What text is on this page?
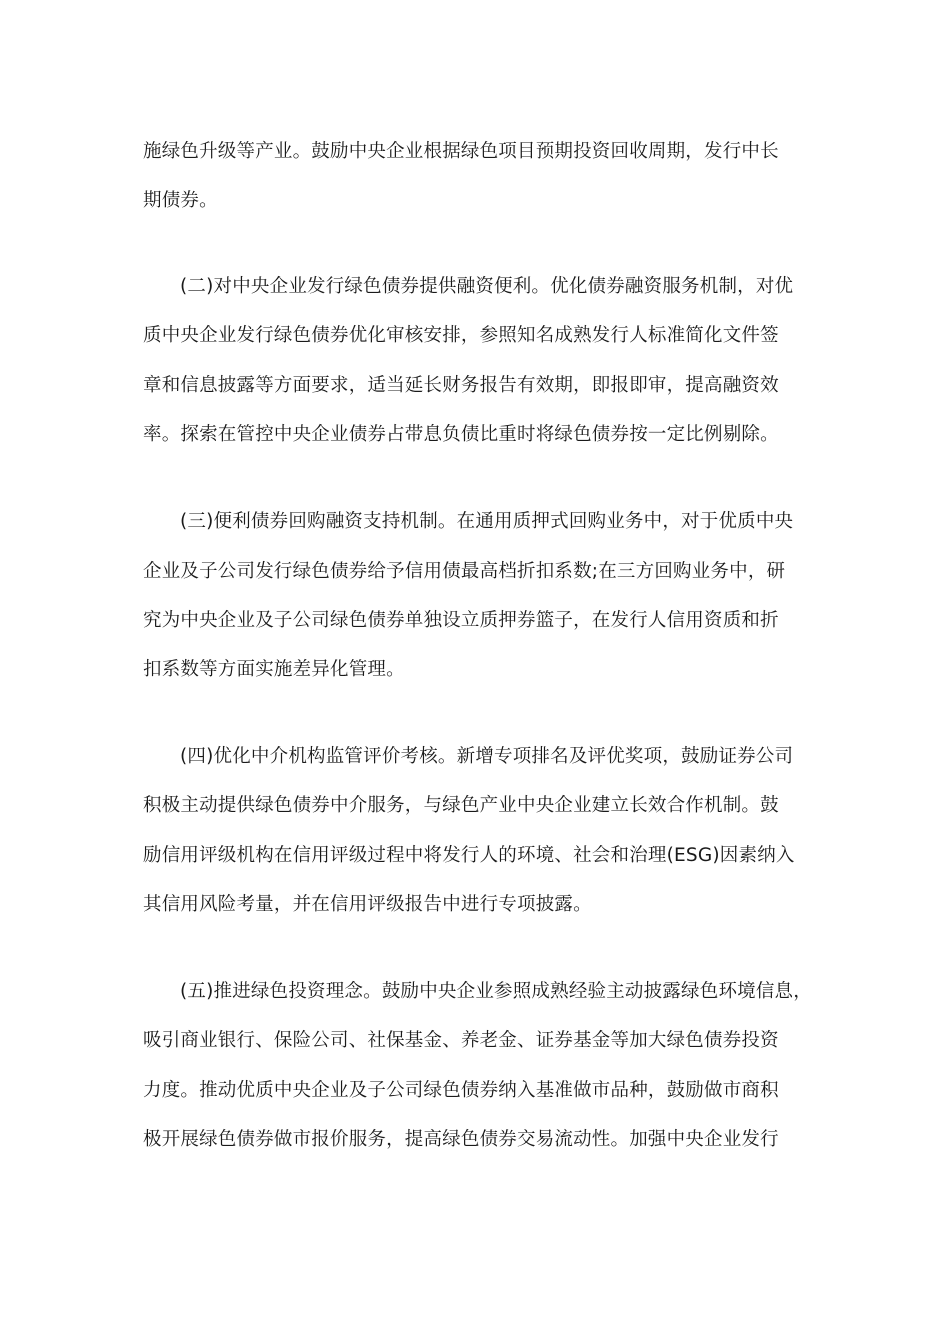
施绿色升级等产业。鼓励中央企业根据绿色项目预期投资回收周期，发行中长
期债券。
(二)对中央企业发行绿色债券提供融资便利。优化债券融资服务机制，对优
质中央企业发行绿色债券优化审核安排，参照知名成熟发行人标准简化文件签
章和信息披露等方面要求，适当延长财务报告有效期，即报即审，提高融资效
率。探索在管控中央企业债券占带息负债比重时将绿色债券按一定比例剔除。
(三)便利债券回购融资支持机制。在通用质押式回购业务中，对于优质中央
企业及子公司发行绿色债券给予信用债最高档折扣系数;在三方回购业务中，研
究为中央企业及子公司绿色债券单独设立质押券篮子，在发行人信用资质和折
扣系数等方面实施差异化管理。
(四)优化中介机构监管评价考核。新增专项排名及评优奖项，鼓励证券公司
积极主动提供绿色债券中介服务，与绿色产业中央企业建立长效合作机制。鼓
励信用评级机构在信用评级过程中将发行人的环境、社会和治理(ESG)因素纳入
其信用风险考量，并在信用评级报告中进行专项披露。
(五)推进绿色投资理念。鼓励中央企业参照成熟经验主动披露绿色环境信息，
吸引商业银行、保险公司、社保基金、养老金、证券基金等加大绿色债券投资
力度。推动优质中央企业及子公司绿色债券纳入基准做市品种，鼓励做市商积
极开展绿色债券做市报价服务，提高绿色债券交易流动性。加强中央企业发行
